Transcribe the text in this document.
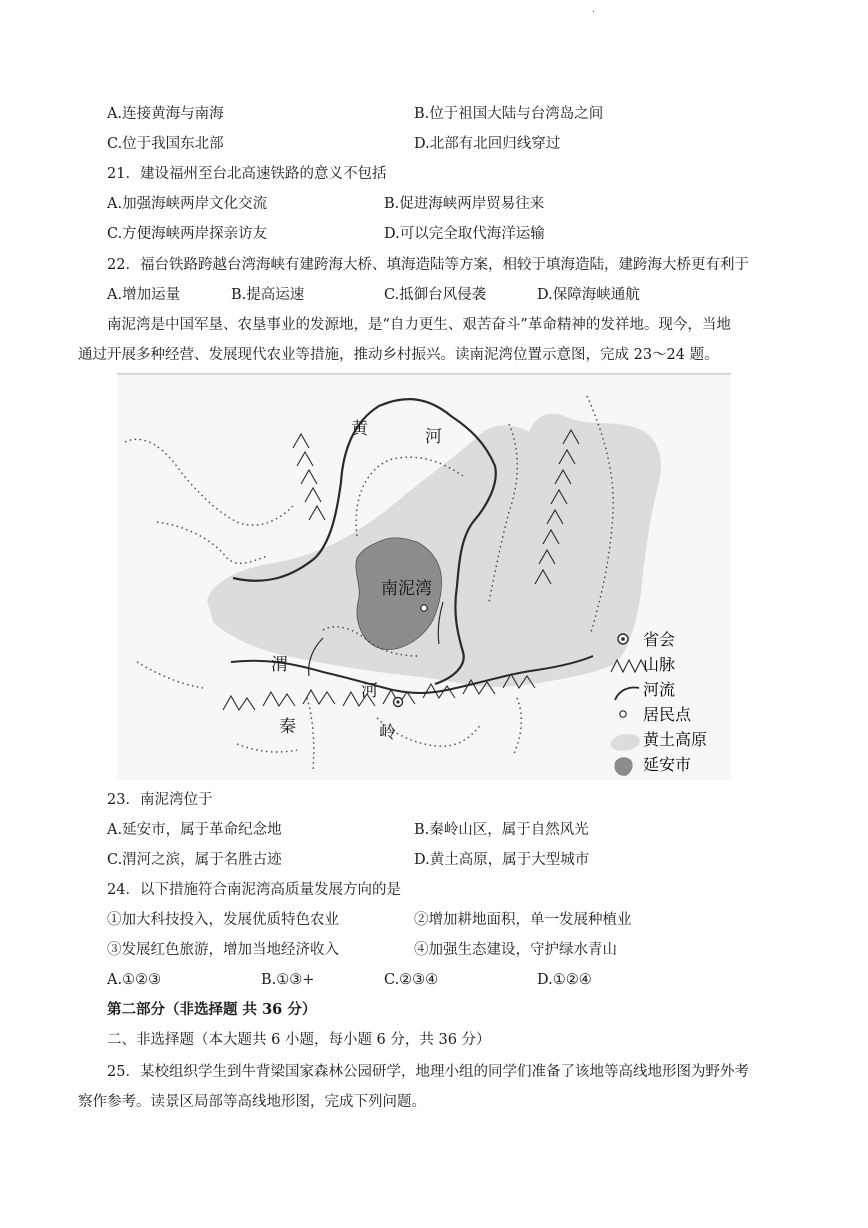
.
A.连接黄海与南海	B.位于祖国大陆与台湾岛之间
C.位于我国东北部	D.北部有北回归线穿过
21．建设福州至台北高速铁路的意义不包括
A.加强海峡两岸文化交流	B.促进海峡两岸贸易往来
C.方便海峡两岸探亲访友	D.可以完全取代海洋运输
22．福台铁路跨越台湾海峡有建跨海大桥、填海造陆等方案，相较于填海造陆，建跨海大桥更有利于
A.增加运量	B.提高运速	C.抵御台风侵袭	D.保障海峡通航
南泥湾是中国军垦、农垦事业的发源地，是“自力更生、艰苦奋斗”革命精神的发祥地。现今，当地
通过开展多种经营、发展现代农业等措施，推动乡村振兴。读南泥湾位置示意图，完成 23～24 题。
黄	河
南泥湾
渭
河
秦	岭
省会
山脉
河流
居民点
黄土高原
延安市
23．南泥湾位于
A.延安市，属于革命纪念地	B.秦岭山区，属于自然风光
C.渭河之滨，属于名胜古迹	D.黄土高原，属于大型城市
24．以下措施符合南泥湾高质量发展方向的是
①加大科技投入，发展优质特色农业	②增加耕地面积，单一发展种植业
③发展红色旅游，增加当地经济收入	④加强生态建设，守护绿水青山
A.①②③	B.①③+	C.②③④	D.①②④
第二部分（非选择题 共 36 分）
二、非选择题（本大题共 6 小题，每小题 6 分，共 36 分）
25．某校组织学生到牛背梁国家森林公园研学，地理小组的同学们准备了该地等高线地形图为野外考
察作参考。读景区局部等高线地形图，完成下列问题。
